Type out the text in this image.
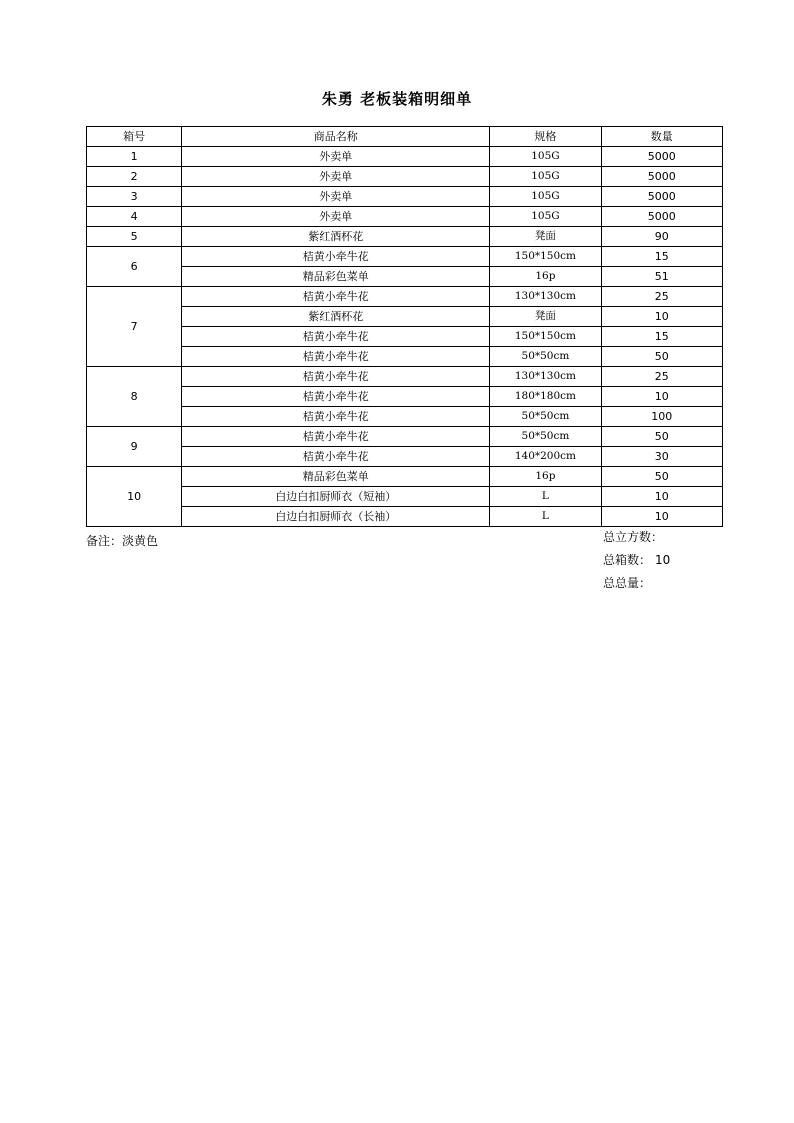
朱勇 老板装箱明细单
箱号	商品名称	规格	数量
1	外卖单	105G	5000
2	外卖单	105G	5000
3	外卖单	105G	5000
4	外卖单	105G	5000
5	紫红酒杯花	凳面	90
6	桔黄小牵牛花	150*150cm	15
	精品彩色菜单	16p	51
7	桔黄小牵牛花	130*130cm	25
	紫红酒杯花	凳面	10
	桔黄小牵牛花	150*150cm	15
	桔黄小牵牛花	50*50cm	50
8	桔黄小牵牛花	130*130cm	25
	桔黄小牵牛花	180*180cm	10
	桔黄小牵牛花	50*50cm	100
9	桔黄小牵牛花	50*50cm	50
	桔黄小牵牛花	140*200cm	30
10	精品彩色菜单	16p	50
	白边白扣厨师衣（短袖）	L	10
	白边白扣厨师衣（长袖）	L	10
备注：淡黄色	总立方数：
总箱数： 10
总总量：
